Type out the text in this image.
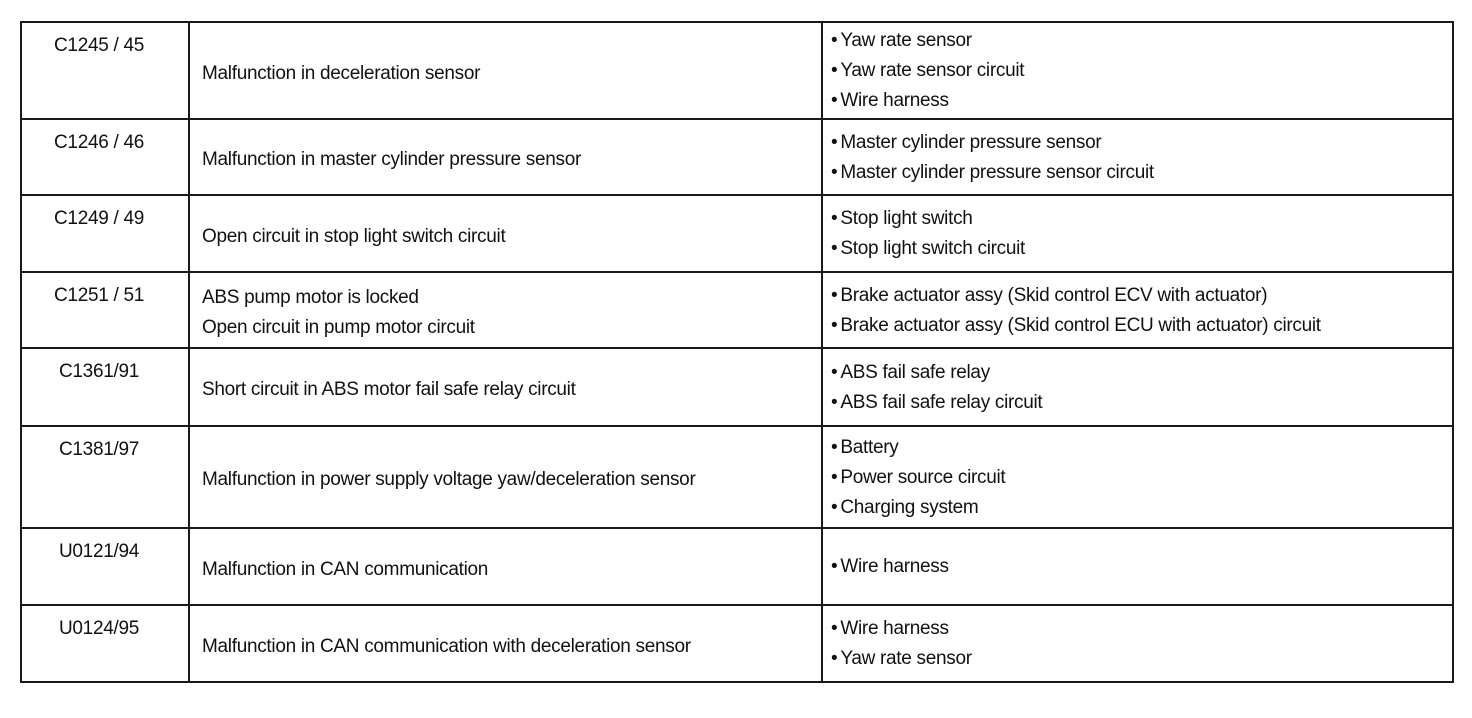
C1245 / 45	Malfunction in deceleration sensor	• Yaw rate sensor
• Yaw rate sensor circuit
• Wire harness

C1246 / 46	Malfunction in master cylinder pressure sensor	• Master cylinder pressure sensor
• Master cylinder pressure sensor circuit

C1249 / 49	Open circuit in stop light switch circuit	• Stop light switch
• Stop light switch circuit

C1251 / 51	ABS pump motor is locked
Open circuit in pump motor circuit	• Brake actuator assy (Skid control ECV with actuator)
• Brake actuator assy (Skid control ECU with actuator) circuit

C1361/91	Short circuit in ABS motor fail safe relay circuit	• ABS fail safe relay
• ABS fail safe relay circuit

C1381/97	Malfunction in power supply voltage yaw/deceleration sensor	• Battery
• Power source circuit
• Charging system

U0121/94	Malfunction in CAN communication	• Wire harness

U0124/95	Malfunction in CAN communication with deceleration sensor	• Wire harness
• Yaw rate sensor
